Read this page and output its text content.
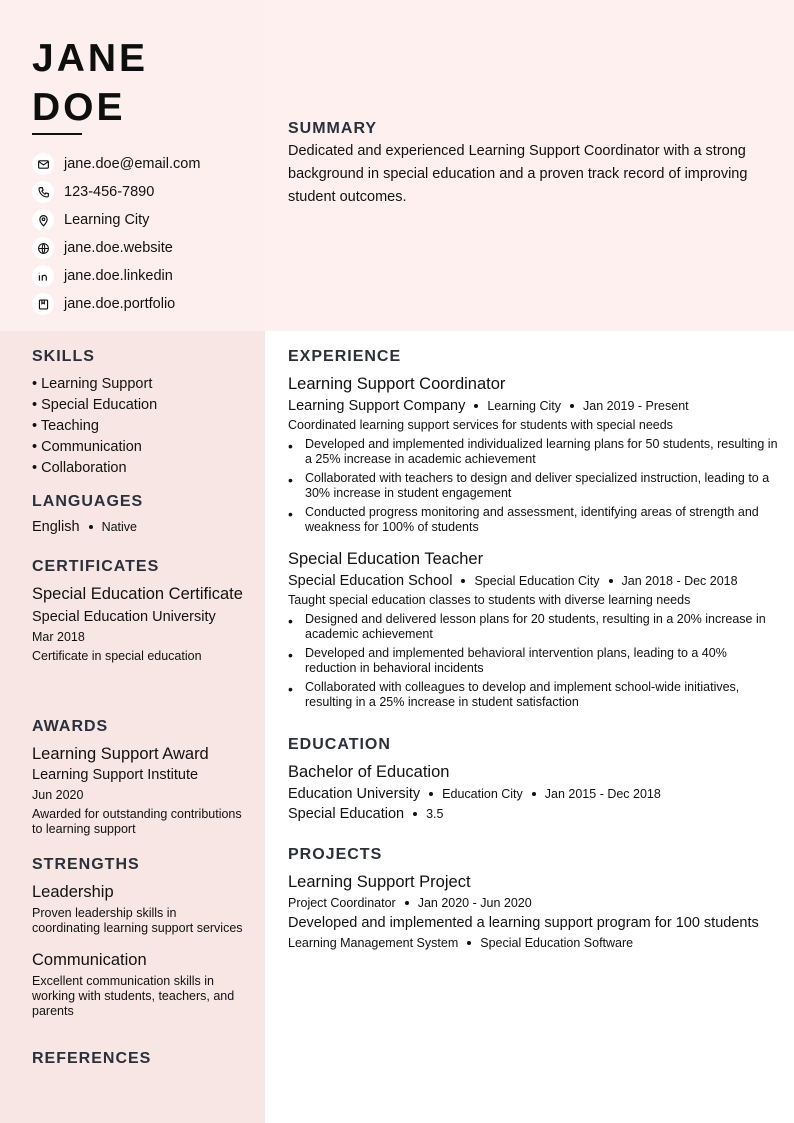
JANE
DOE
jane.doe@email.com
123-456-7890
Learning City
jane.doe.website
jane.doe.linkedin
jane.doe.portfolio
SUMMARY

Dedicated and experienced Learning Support Coordinator with a strong background in special education and a proven track record of improving student outcomes.

SKILLS
• Learning Support
• Special Education
• Teaching
• Communication
• Collaboration
LANGUAGES
English Native
CERTIFICATES
Special Education Certificate
Special Education University
Mar 2018
Certificate in special education
AWARDS
Learning Support Award
Learning Support Institute
Jun 2020
Awarded for outstanding contributions to learning support
STRENGTHS
Leadership
Proven leadership skills in coordinating learning support services
Communication
Excellent communication skills in working with students, teachers, and parents
REFERENCES
EXPERIENCE
Learning Support Coordinator
Learning Support Company Learning City Jan 2019 - Present
Coordinated learning support services for students with special needs
• Developed and implemented individualized learning plans for 50 students, resulting in a 25% increase in academic achievement
• Collaborated with teachers to design and deliver specialized instruction, leading to a 30% increase in student engagement
• Conducted progress monitoring and assessment, identifying areas of strength and weakness for 100% of students
Special Education Teacher
Special Education School Special Education City Jan 2018 - Dec 2018
Taught special education classes to students with diverse learning needs
• Designed and delivered lesson plans for 20 students, resulting in a 20% increase in academic achievement
• Developed and implemented behavioral intervention plans, leading to a 40% reduction in behavioral incidents
• Collaborated with colleagues to develop and implement school-wide initiatives, resulting in a 25% increase in student satisfaction
EDUCATION
Bachelor of Education
Education University Education City Jan 2015 - Dec 2018
Special Education 3.5
PROJECTS
Learning Support Project
Project Coordinator Jan 2020 - Jun 2020
Developed and implemented a learning support program for 100 students
Learning Management System Special Education Software
